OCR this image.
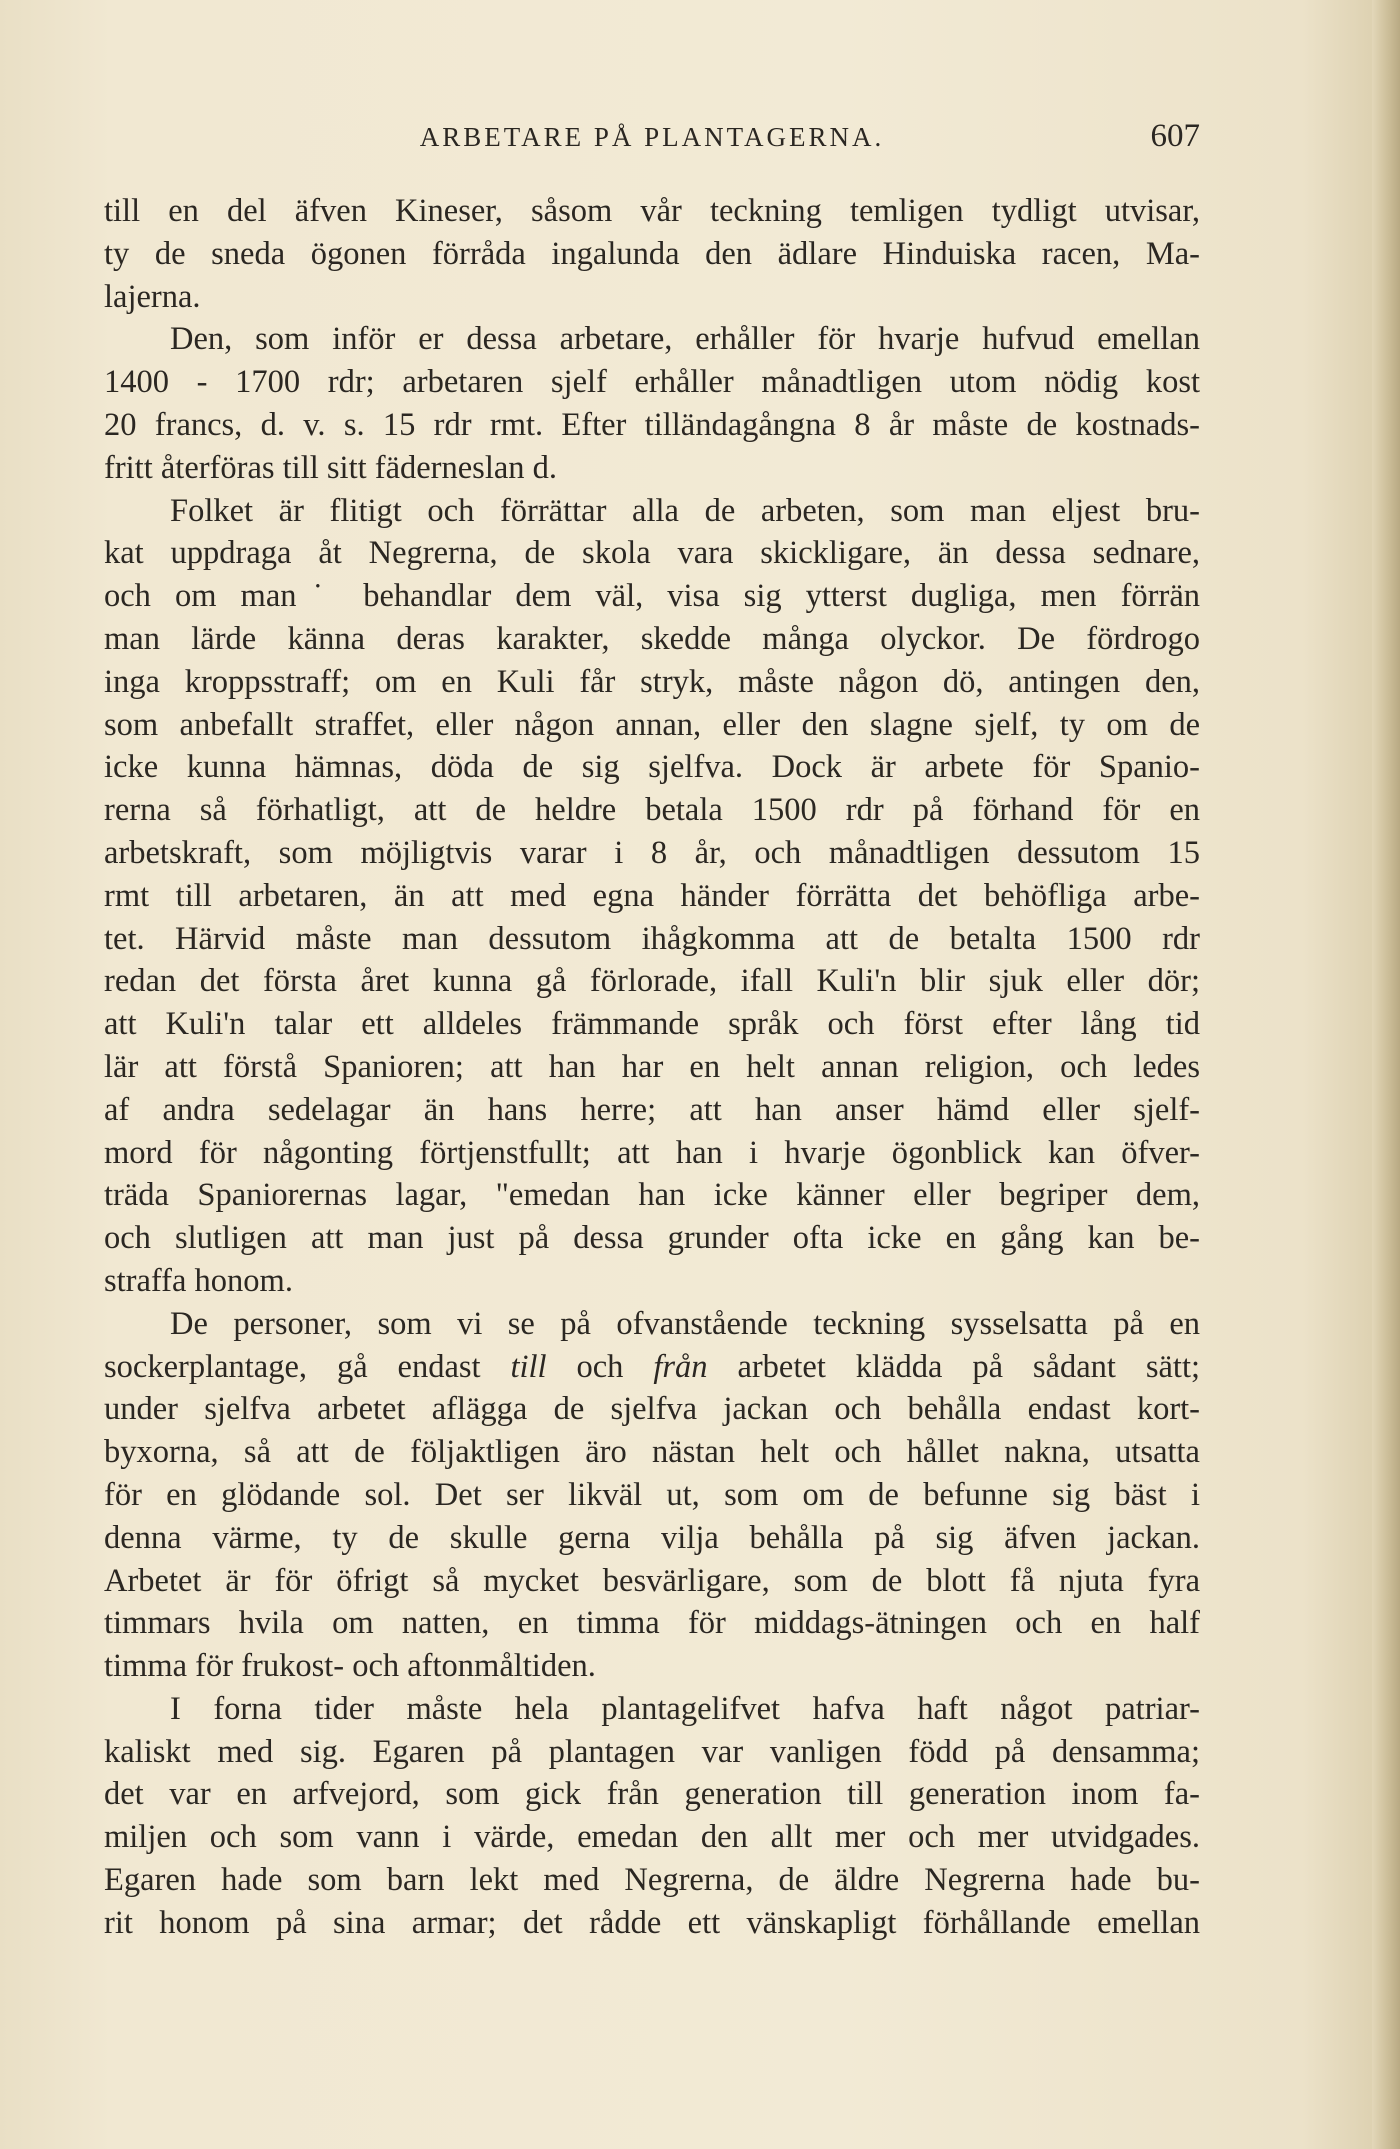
ARBETARE PÅ PLANTAGERNA.	607
till en del äfven Kineser, såsom vår teckning temligen tydligt utvisar,
ty de sneda ögonen förråda ingalunda den ädlare Hinduiska racen, Ma-
lajerna.
Den, som inför er dessa arbetare, erhåller för hvarje hufvud emellan
1400 - 1700 rdr; arbetaren sjelf erhåller månadtligen utom nödig kost
20 francs, d. v. s. 15 rdr rmt. Efter tilländagångna 8 år måste de kostnads-
fritt återföras till sitt fäderneslan d.
Folket är flitigt och förrättar alla de arbeten, som man eljest bru-
kat uppdraga åt Negrerna, de skola vara skickligare, än dessa sednare,
och om man˙ behandlar dem väl, visa sig ytterst dugliga, men förrän
man lärde känna deras karakter, skedde många olyckor. De fördrogo
inga kroppsstraff; om en Kuli får stryk, måste någon dö, antingen den,
som anbefallt straffet, eller någon annan, eller den slagne sjelf, ty om de
icke kunna hämnas, döda de sig sjelfva. Dock är arbete för Spanio-
rerna så förhatligt, att de heldre betala 1500 rdr på förhand för en
arbetskraft, som möjligtvis varar i 8 år, och månadtligen dessutom 15
rmt till arbetaren, än att med egna händer förrätta det behöfliga arbe-
tet. Härvid måste man dessutom ihågkomma att de betalta 1500 rdr
redan det första året kunna gå förlorade, ifall Kuli'n blir sjuk eller dör;
att Kuli'n talar ett alldeles främmande språk och först efter lång tid
lär att förstå Spanioren; att han har en helt annan religion, och ledes
af andra sedelagar än hans herre; att han anser hämd eller sjelf-
mord för någonting förtjenstfullt; att han i hvarje ögonblick kan öfver-
träda Spaniorernas lagar, "emedan han icke känner eller begriper dem,
och slutligen att man just på dessa grunder ofta icke en gång kan be-
straffa honom.
De personer, som vi se på ofvanstående teckning sysselsatta på en
sockerplantage, gå endast till och från arbetet klädda på sådant sätt;
under sjelfva arbetet aflägga de sjelfva jackan och behålla endast kort-
byxorna, så att de följaktligen äro nästan helt och hållet nakna, utsatta
för en glödande sol. Det ser likväl ut, som om de befunne sig bäst i
denna värme, ty de skulle gerna vilja behålla på sig äfven jackan.
Arbetet är för öfrigt så mycket besvärligare, som de blott få njuta fyra
timmars hvila om natten, en timma för middags-ätningen och en half
timma för frukost- och aftonmåltiden.
I forna tider måste hela plantagelifvet hafva haft något patriar-
kaliskt med sig. Egaren på plantagen var vanligen född på densamma;
det var en arfvejord, som gick från generation till generation inom fa-
miljen och som vann i värde, emedan den allt mer och mer utvidgades.
Egaren hade som barn lekt med Negrerna, de äldre Negrerna hade bu-
rit honom på sina armar; det rådde ett vänskapligt förhållande emellan
